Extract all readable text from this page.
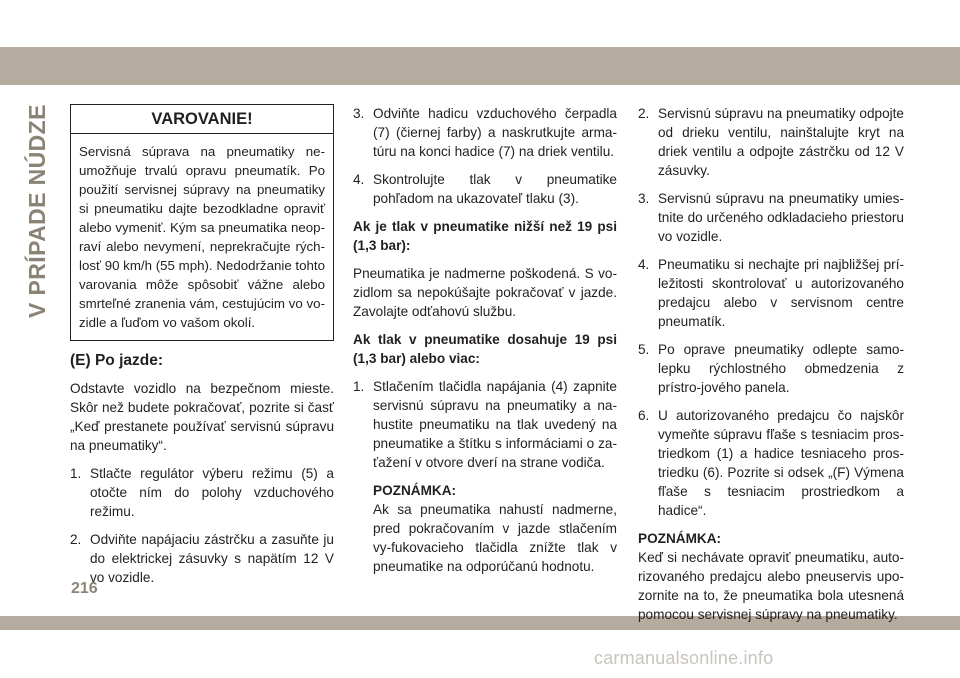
V PRÍPADE NÚDZE	VAROVANIE!
Servisná súprava na pneumatiky ne-umožňuje trvalú opravu pneumatík. Po použití servisnej súpravy na pneumatiky si pneumatiku dajte bezodkladne opraviť alebo vymeniť. Kým sa pneumatika neop-raví alebo nevymení, neprekračujte rých-losť 90 km/h (55 mph). Nedodržanie tohto varovania môže spôsobiť vážne alebo smrteľné zranenia vám, cestujúcim vo vo-zidle a ľuďom vo vašom okolí.
(E) Po jazde:

Odstavte vozidlo na bezpečnom mieste. Skôr než budete pokračovať, pozrite si časť „Keď prestanete používať servisnú súpravu na pneumatiky“.

1. Stlačte regulátor výberu režimu (5) a otočte ním do polohy vzduchového režimu.
2. Odviňte napájaciu zástrčku a zasuňte ju do elektrickej zásuvky s napätím 12 V vo vozidle.
3. Odviňte hadicu vzduchového čerpadla (7) (čiernej farby) a naskrutkujte arma-túru na konci hadice (7) na driek ventilu.
4. Skontrolujte tlak v pneumatike pohľadom na ukazovateľ tlaku (3).

Ak je tlak v pneumatike nižší než 19 psi (1,3 bar):

Pneumatika je nadmerne poškodená. S vo-zidlom sa nepokúšajte pokračovať v jazde. Zavolajte odťahovú službu.

Ak tlak v pneumatike dosahuje 19 psi (1,3 bar) alebo viac:

1. Stlačením tlačidla napájania (4) zapnite servisnú súpravu na pneumatiky a na-hustite pneumatiku na tlak uvedený na pneumatike a štítku s informáciami o za-ťažení v otvore dverí na strane vodiča.
POZNÁMKA:
Ak sa pneumatika nahustí nadmerne, pred pokračovaním v jazde stlačením vy-fukovacieho tlačidla znížte tlak v pneumatike na odporúčanú hodnotu.
2. Servisnú súpravu na pneumatiky odpojte od drieku ventilu, nainštalujte kryt na driek ventilu a odpojte zástrčku od 12 V zásuvky.
3. Servisnú súpravu na pneumatiky umies-tnite do určeného odkladacieho priestoru vo vozidle.
4. Pneumatiku si nechajte pri najbližšej prí-ležitosti skontrolovať u autorizovaného predajcu alebo v servisnom centre pneumatík.
5. Po oprave pneumatiky odlepte samo-lepku rýchlostného obmedzenia z prístro-jového panela.
6. U autorizovaného predajcu čo najskôr vymeňte súpravu fľaše s tesniacim pros-triedkom (1) a hadice tesniaceho pros-triedku (6). Pozrite si odsek „(F) Výmena fľaše s tesniacim prostriedkom a hadice“.
POZNÁMKA:
Keď si nechávate opraviť pneumatiku, auto-rizovaného predajcu alebo pneuservis upo-zornite na to, že pneumatika bola utesnená pomocou servisnej súpravy na pneumatiky.
216
carmanualsonline.info
